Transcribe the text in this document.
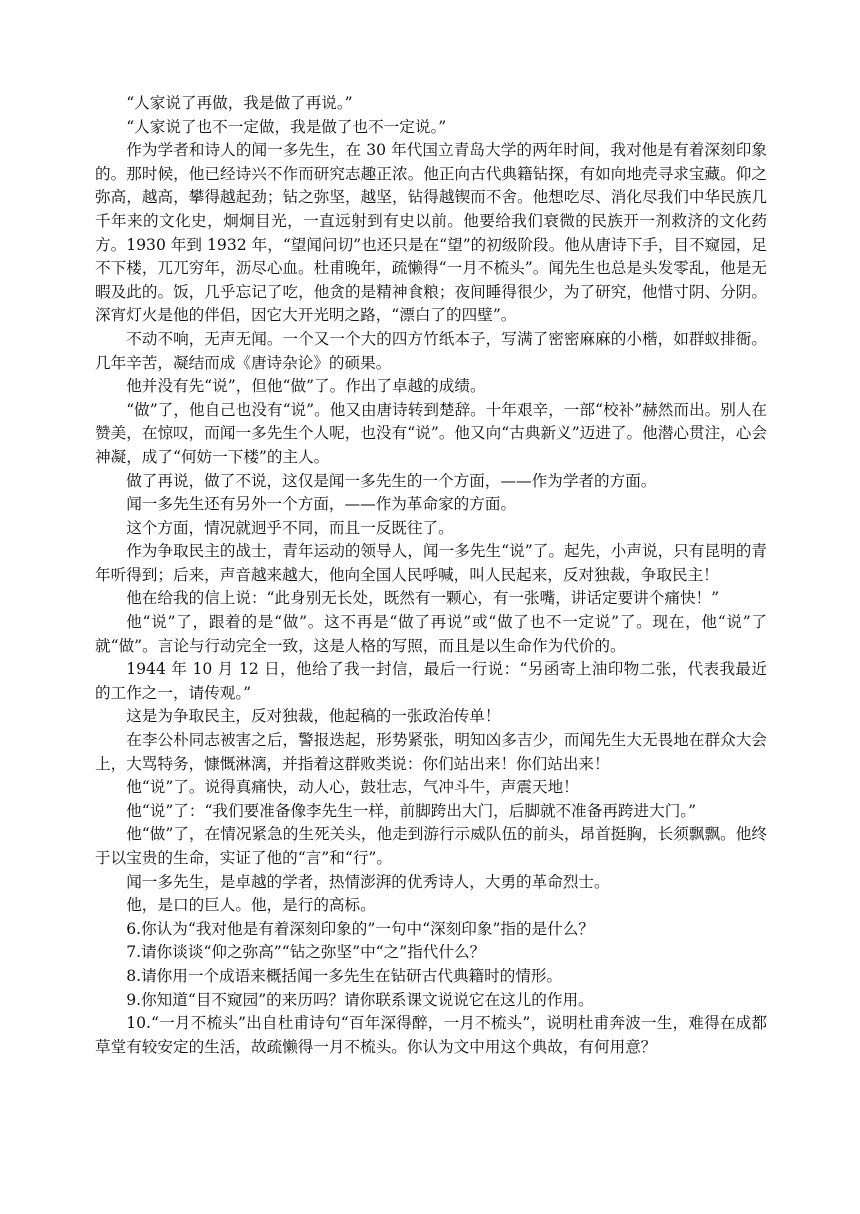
“人家说了再做，我是做了再说。”

“人家说了也不一定做，我是做了也不一定说。”

作为学者和诗人的闻一多先生，在 30 年代国立青岛大学的两年时间，我对他是有着深刻印象的。那时候，他已经诗兴不作而研究志趣正浓。他正向古代典籍钻探，有如向地壳寻求宝藏。仰之弥高，越高，攀得越起劲；钻之弥坚，越坚，钻得越锲而不舍。他想吃尽、消化尽我们中华民族几千年来的文化史，炯炯目光，一直远射到有史以前。他要给我们衰微的民族开一剂救济的文化药方。1930 年到 1932 年，“望闻问切”也还只是在“望”的初级阶段。他从唐诗下手，目不窥园，足不下楼，兀兀穷年，沥尽心血。杜甫晚年，疏懒得“一月不梳头”。闻先生也总是头发零乱，他是无暇及此的。饭，几乎忘记了吃，他贪的是精神食粮；夜间睡得很少，为了研究，他惜寸阴、分阴。深宵灯火是他的伴侣，因它大开光明之路，“漂白了的四壁”。

不动不响，无声无闻。一个又一个大的四方竹纸本子，写满了密密麻麻的小楷，如群蚁排衙。几年辛苦，凝结而成《唐诗杂论》的硕果。

他并没有先“说”，但他“做”了。作出了卓越的成绩。

“做”了，他自己也没有“说”。他又由唐诗转到楚辞。十年艰辛，一部“校补”赫然而出。别人在赞美，在惊叹，而闻一多先生个人呢，也没有“说”。他又向“古典新义”迈进了。他潜心贯注，心会神凝，成了“何妨一下楼”的主人。

做了再说，做了不说，这仅是闻一多先生的一个方面，——作为学者的方面。

闻一多先生还有另外一个方面，——作为革命家的方面。

这个方面，情况就迥乎不同，而且一反既往了。

作为争取民主的战士，青年运动的领导人，闻一多先生“说”了。起先，小声说，只有昆明的青年听得到；后来，声音越来越大，他向全国人民呼喊，叫人民起来，反对独裁，争取民主！

他在给我的信上说：“此身别无长处，既然有一颗心，有一张嘴，讲话定要讲个痛快！”

他“说”了，跟着的是“做”。这不再是“做了再说”或“做了也不一定说”了。现在，他“说”了就“做”。言论与行动完全一致，这是人格的写照，而且是以生命作为代价的。

1944 年 10 月 12 日，他给了我一封信，最后一行说：“另函寄上油印物二张，代表我最近的工作之一，请传观。”

这是为争取民主，反对独裁，他起稿的一张政治传单！

在李公朴同志被害之后，警报迭起，形势紧张，明知凶多吉少，而闻先生大无畏地在群众大会上，大骂特务，慷慨淋漓，并指着这群败类说：你们站出来！你们站出来！

他“说”了。说得真痛快，动人心，鼓壮志，气冲斗牛，声震天地！

他“说”了：“我们要准备像李先生一样，前脚跨出大门，后脚就不准备再跨进大门。”

他“做”了，在情况紧急的生死关头，他走到游行示威队伍的前头，昂首挺胸，长须飘飘。他终于以宝贵的生命，实证了他的“言”和“行”。

闻一多先生，是卓越的学者，热情澎湃的优秀诗人，大勇的革命烈士。

他，是口的巨人。他，是行的高标。

6.你认为“我对他是有着深刻印象的”一句中“深刻印象”指的是什么？

7.请你谈谈“仰之弥高”“钻之弥坚”中“之”指代什么？

8.请你用一个成语来概括闻一多先生在钻研古代典籍时的情形。

9.你知道“目不窥园”的来历吗？请你联系课文说说它在这儿的作用。

10.“一月不梳头”出自杜甫诗句“百年深得醉，一月不梳头”，说明杜甫奔波一生，难得在成都草堂有较安定的生活，故疏懒得一月不梳头。你认为文中用这个典故，有何用意？
